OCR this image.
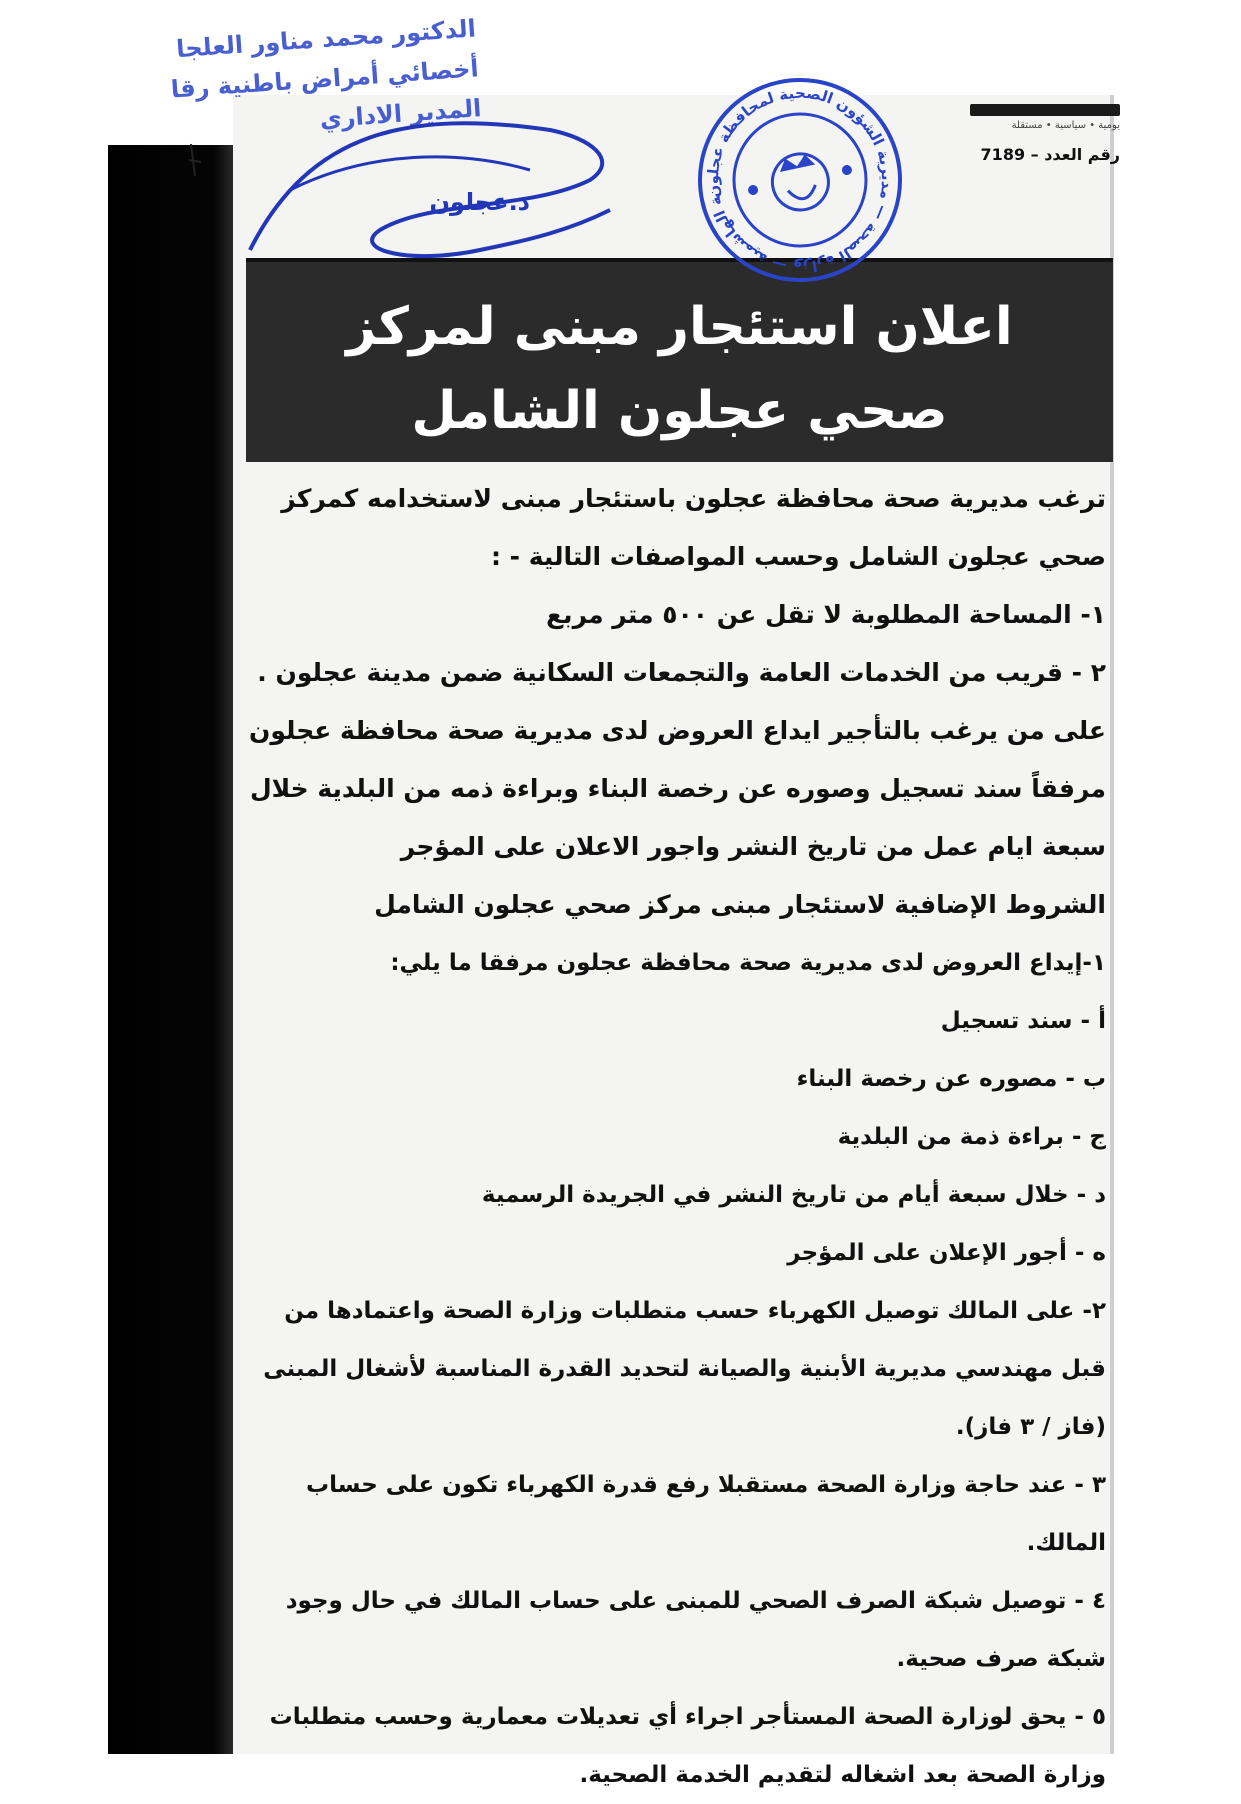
يومية • سياسية • مستقلة
رقم العدد – 7189
اعلان استئجار مبنى لمركز
صحي عجلون الشامل
الاردنية الهاشمية — وزارة الصحة — مديرية الشؤون الصحية لمحافظة عجلون
الدكتور محمد مناور العلجا
أخصائي أمراض باطنية رقا
المدير الاداري
د.عجلون
ترغب مديرية صحة محافظة عجلون باستئجار مبنى لاستخدامه كمركز
صحي عجلون الشامل وحسب المواصفات التالية - :
١- المساحة المطلوبة لا تقل عن ٥٠٠ متر مربع
٢ - قريب من الخدمات العامة والتجمعات السكانية ضمن مدينة عجلون .
على من يرغب بالتأجير ايداع العروض لدى مديرية صحة محافظة عجلون
مرفقاً سند تسجيل وصوره عن رخصة البناء وبراءة ذمه من البلدية خلال
سبعة ايام عمل من تاريخ النشر واجور الاعلان على المؤجر
الشروط الإضافية لاستئجار مبنى مركز صحي عجلون الشامل
١-إيداع العروض لدى مديرية صحة محافظة عجلون مرفقا ما يلي:
أ - سند تسجيل
ب - مصوره عن رخصة البناء
ج - براءة ذمة من البلدية
د - خلال سبعة أيام من تاريخ النشر في الجريدة الرسمية
ه - أجور الإعلان على المؤجر
٢- على المالك توصيل الكهرباء حسب متطلبات وزارة الصحة واعتمادها من
قبل مهندسي مديرية الأبنية والصيانة لتحديد القدرة المناسبة لأشغال المبنى
(فاز / ٣ فاز).
٣ - عند حاجة وزارة الصحة مستقبلا رفع قدرة الكهرباء تكون على حساب
المالك.
٤ - توصيل شبكة الصرف الصحي للمبنى على حساب المالك في حال وجود
شبكة صرف صحية.
٥ - يحق لوزارة الصحة المستأجر اجراء أي تعديلات معمارية وحسب متطلبات
وزارة الصحة بعد اشغاله لتقديم الخدمة الصحية.
